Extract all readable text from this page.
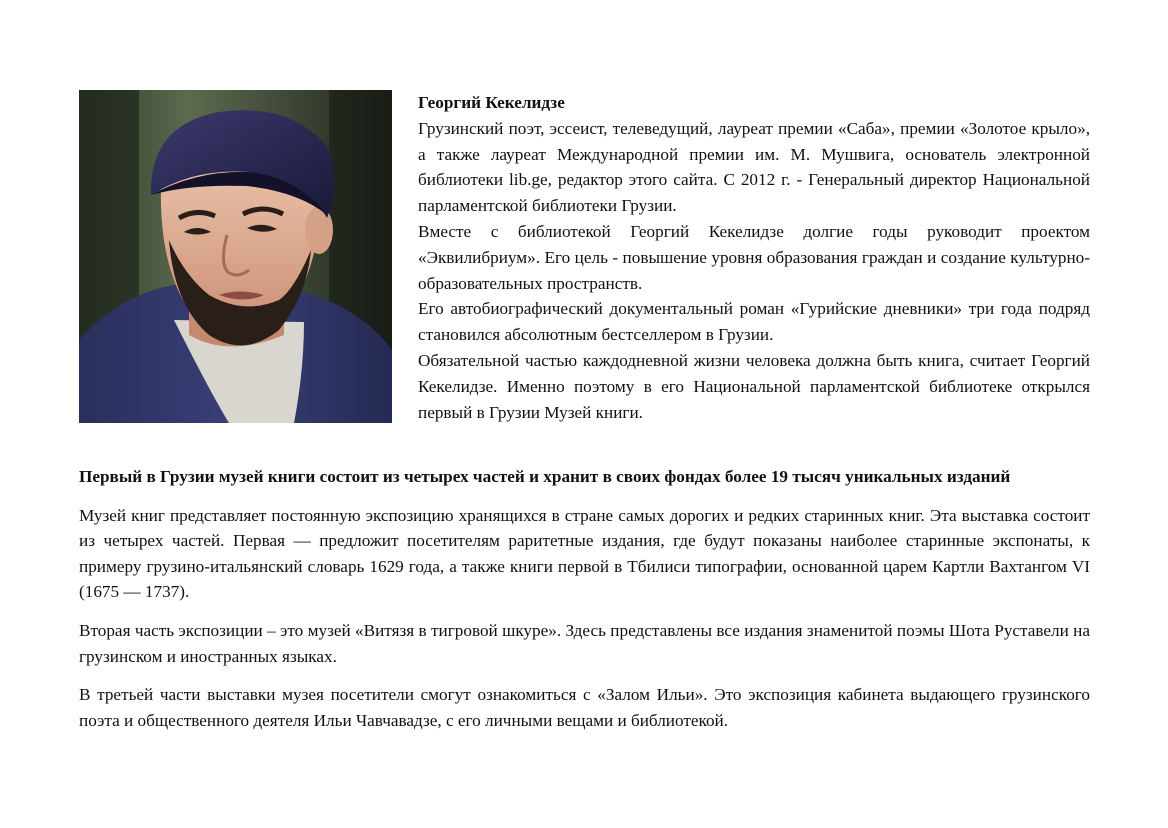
Георгий Кекелидзе

Грузинский поэт, эссеист, телеведущий, лауреат премии «Саба», премии «Золотое крыло», а также лауреат Международной премии им. М. Мушвига, основатель электронной библиотеки lib.ge, редактор этого сайта. С 2012 г. - Генеральный директор Национальной парламентской библиотеки Грузии.

Вместе с библиотекой Георгий Кекелидзе долгие годы руководит проектом «Эквилибриум». Его цель - повышение уровня образования граждан и создание культурно-образовательных пространств.

Его автобиографический документальный роман «Гурийские дневники» три года подряд становился абсолютным бестселлером в Грузии.

Обязательной частью каждодневной жизни человека должна быть книга, считает Георгий Кекелидзе. Именно поэтому в его Национальной парламентской библиотеке открылся первый в Грузии Музей книги.

Первый в Грузии музей книги состоит из четырех частей и хранит в своих фондах более 19 тысяч уникальных изданий

Музей книг представляет постоянную экспозицию хранящихся в стране самых дорогих и редких старинных книг. Эта выставка состоит из четырех частей. Первая — предложит посетителям раритетные издания, где будут показаны наиболее старинные экспонаты, к примеру грузино-итальянский словарь 1629 года, а также книги первой в Тбилиси типографии, основанной царем Картли Вахтангом VI (1675 — 1737).

Вторая часть экспозиции – это музей «Витязя в тигровой шкуре». Здесь представлены все издания знаменитой поэмы Шота Руставели на грузинском и иностранных языках.

В третьей части выставки музея посетители смогут ознакомиться с «Залом Ильи». Это экспозиция кабинета выдающего грузинского поэта и общественного деятеля Ильи Чавчавадзе, с его личными вещами и библиотекой.
